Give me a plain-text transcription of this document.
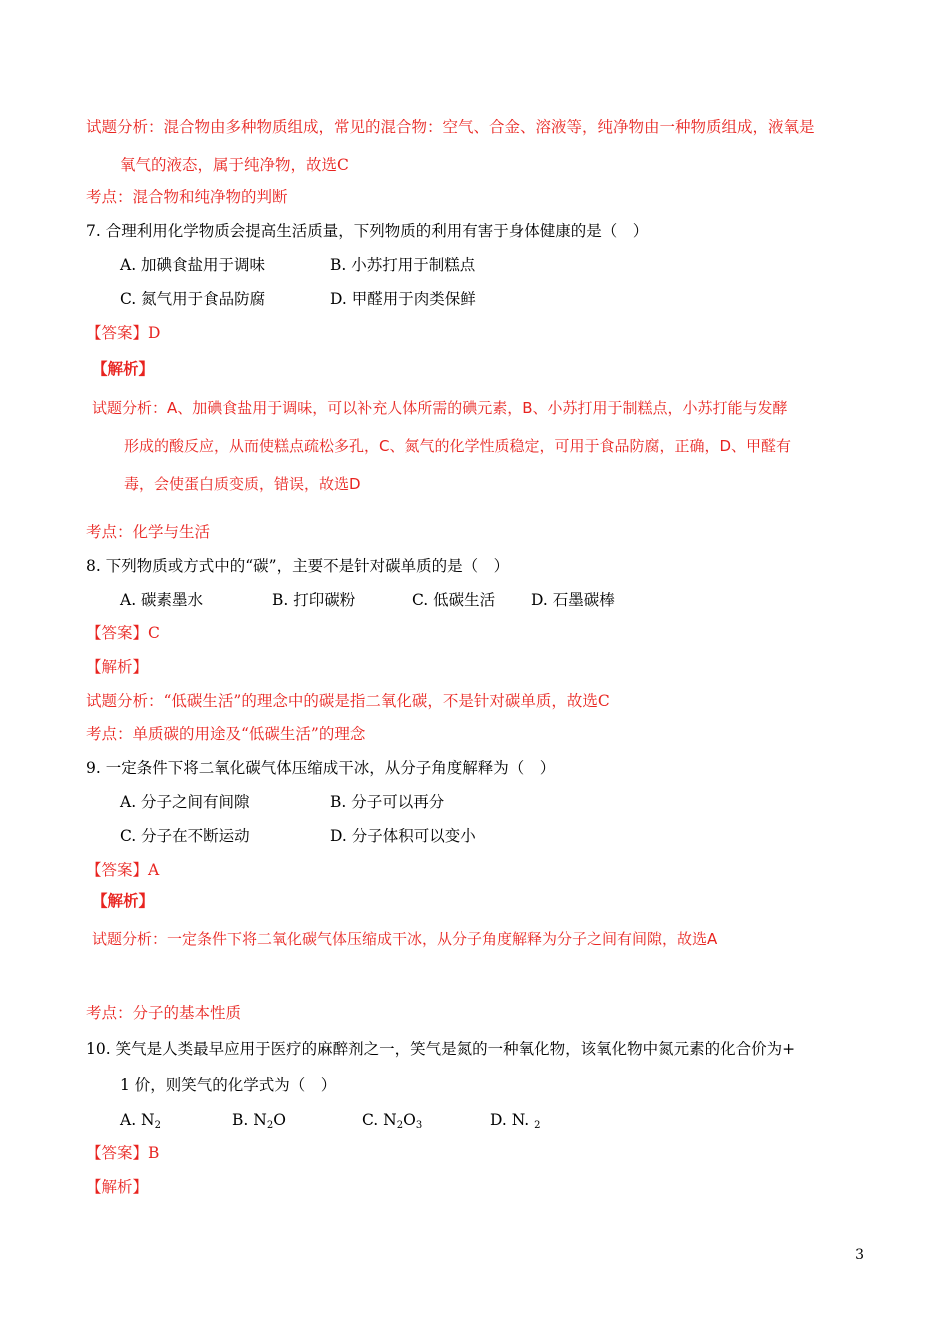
试题分析：混合物由多种物质组成，常见的混合物：空气、合金、溶液等，纯净物由一种物质组成，液氧是
氧气的液态，属于纯净物，故选C
考点：混合物和纯净物的判断
7. 合理利用化学物质会提高生活质量，下列物质的利用有害于身体健康的是（　）
A. 加碘食盐用于调味	B. 小苏打用于制糕点
C. 氮气用于食品防腐	D. 甲醛用于肉类保鲜
【答案】D
【解析】
试题分析：A、加碘食盐用于调味，可以补充人体所需的碘元素，B、小苏打用于制糕点，小苏打能与发酵
形成的酸反应，从而使糕点疏松多孔，C、氮气的化学性质稳定，可用于食品防腐，正确，D、甲醛有
毒，会使蛋白质变质，错误，故选D
考点：化学与生活
8. 下列物质或方式中的“碳”，主要不是针对碳单质的是（　）
A. 碳素墨水	B. 打印碳粉	C. 低碳生活 D. 石墨碳棒
【答案】C
【解析】
试题分析：“低碳生活”的理念中的碳是指二氧化碳，不是针对碳单质，故选C
考点：单质碳的用途及“低碳生活”的理念
9. 一定条件下将二氧化碳气体压缩成干冰，从分子角度解释为（　）
A. 分子之间有间隙	B. 分子可以再分
C. 分子在不断运动	D. 分子体积可以变小
【答案】A
【解析】
试题分析：一定条件下将二氧化碳气体压缩成干冰，从分子角度解释为分子之间有间隙，故选A
考点：分子的基本性质
10. 笑气是人类最早应用于医疗的麻醉剂之一，笑气是氮的一种氧化物，该氧化物中氮元素的化合价为+
1 价，则笑气的化学式为（　）
A. $N_2$	B. $N_2O$	C. $N_2O_3$	D. N. $_2$
【答案】B
【解析】
3
